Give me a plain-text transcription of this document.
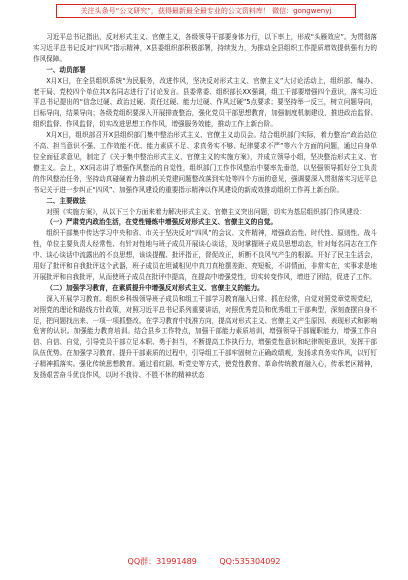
关注头条号“公文研究”，获得最新最全最专业的公文资料库！ 微信：gongwenyj

习近平总书记指出，反对形式主义、官僚主义，各级领导干部要身体力行，以下率上，形成“头雁效应”。为贯彻落实习近平总书记反对“四风”指示精神，X县委组织部积极部署，持续发力，为推动全县组织工作提质增效提供强有力的作风保障。

一、动员部署

X月X日，在全县组织系统“为民服务，改进作风，坚决反对形式主义、官僚主义”大讨论活动上，组织部、编办、老干局、党校四个单位共X名同志进行了讨论发言。县委常委、组织部长XX强调，组工干部要增强四个意识，落实习近平总书记提出的“信念过硬、政治过硬、责任过硬、能力过硬、作风过硬”5点要求；要坚持举一反三，树立问题导向，目标导向，结果导向；各级党组织要深入开展排查整治，强化党员干部思想教育，加强制度机制建设，推进政治监督、组织监督、作风监督，切实改进思想工作作风，增强服务效能，推动工作上新台阶。

X月X日，组织部召开X县组织部门集中整治形式主义、官僚主义动员会。结合组织部门实际，着力整治“政治站位不高、担当意识不强、工作效能不优、能力素质不足、求真务实不够、纪律要求不严”等六个方面的问题，通过自身单位全面征求意见，制定了《关于集中整治形式主义、官僚主义的实施方案》，并成立领导小组，坚决整治形式主义、官僚主义。会上，XX同志讲了增强作风整治的自觉性，组织部门工作作风整治中要率先垂范，以坚强领导抓好分工负责的作风整治任务，坚持动真碰硬着力推动机关党建问题整改落到实处等四个方面的意见，强调要深入贯彻落实习近平总书记关于进一步纠正“四风”、加强作风建设的重要指示精神以作风建设的新成效推动组织工作再上新台阶。

二、主要做法

对照《实施方案》，从以下三个方面来着力解决形式主义、官僚主义突出问题，切实为基层组织部门作风建设：

（一）严肃党内政治生活，在党性锤炼中增强反对形式主义、官僚主义的自觉。

组织干部集中传达学习中央和省、市关于坚决反对“四风”的会议、文件精神，增强政治性、时代性、原则性、战斗性，单位主要负责人经常性、有针对性地与班子成员开展谈心谈话，及时掌握班子成员思想动态，针对每名同志在工作中、谈心谈话中流露出的不良思想，该谈提醒、批评指正，督促改正，斩断不良风气产生的根源。开好了民主生活会，用好了批评和自我批评这个武器，班子成员在坦诚相见中真刀真枪摆差距、亮短板，不讲情面，非常实在，实事求是地开展批评和自我批评，从而使班子成员在批评中提高，在提高中增强党性，切实转变作风，增进了团结，促进了工作。

（二）加强学习教育，在素质提升中增强反对形式主义、官僚主义的能力。

深入开展学习教育。组织乡科级领导班子成员和组工干部学习教育融入日常、抓在经常，自觉对照党章党规党纪，对照党的理论和路线方针政策，对照习近平总书记系列重要讲话，对照优秀党员和优秀组工干部典型，深刻查摆自身不足，把问题找出来、一项一项抓整改。在学习教育中找准方向，提高对形式主义、官僚主义产生原因、表现形式和影响危害的认识。加强能力教育培训。结合县乡工作特点，加强干部能力素质培训，增强领导干部履职能力，增强工作自信、自信、自觉，引导党员干部立足本职、勇于担当，不断提高工作执行力，增强党性意识和纪律规矩意识，发挥干部队伍优势。在加强学习教育、提升干部素质的过程中，引导组工干部牢固树立正确政绩观，发扬求真务实作风，以钉钉子精神抓落实。强化传统思想教育。通过看红剧、听党史等方式，使党性教育、革命传统教育融入心，传承老区精神，发扬艰苦奋斗优良作风，以时不我待、不胜不休的精神状态

QQ群：31991489	QQ:535304092
